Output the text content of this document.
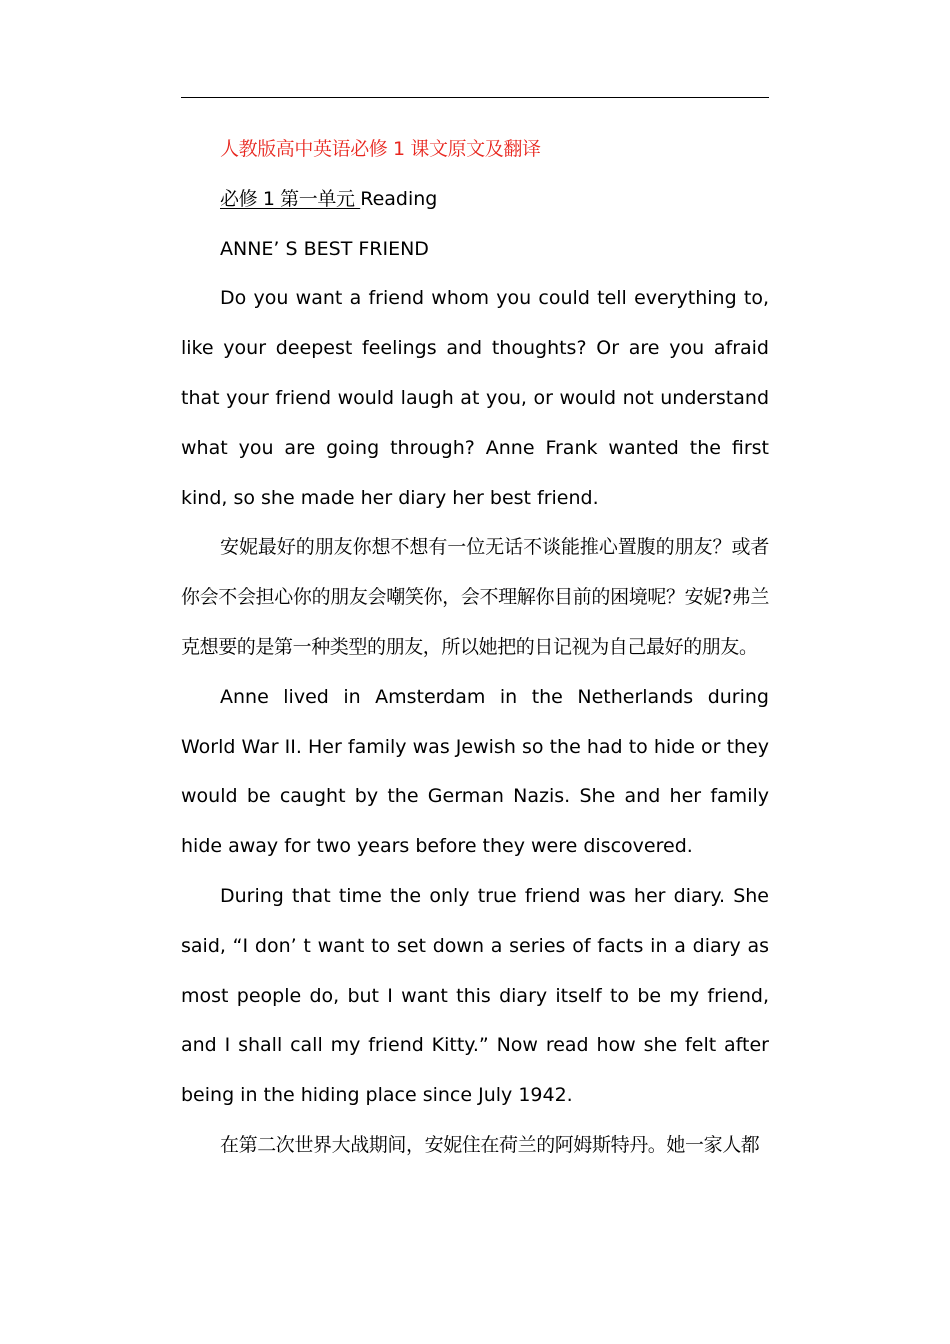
人教版高中英语必修 1 课文原文及翻译

必修 1 第一单元 Reading

ANNE’ S BEST FRIEND

Do you want a friend whom you could tell everything to, like your deepest feelings and thoughts? Or are you afraid that your friend would laugh at you, or would not understand what you are going through? Anne Frank wanted the first kind, so she made her diary her best friend.

安妮最好的朋友你想不想有一位无话不谈能推心置腹的朋友？或者你会不会担心你的朋友会嘲笑你，会不理解你目前的困境呢？安妮?弗兰克想要的是第一种类型的朋友，所以她把的日记视为自己最好的朋友。

Anne lived in Amsterdam in the Netherlands during World War II. Her family was Jewish so the had to hide or they would be caught by the German Nazis. She and her family hide away for two years before they were discovered.

During that time the only true friend was her diary. She said, “I don’ t want to set down a series of facts in a diary as most people do, but I want this diary itself to be my friend, and I shall call my friend Kitty.” Now read how she felt after being in the hiding place since July 1942.

在第二次世界大战期间，安妮住在荷兰的阿姆斯特丹。她一家人都
